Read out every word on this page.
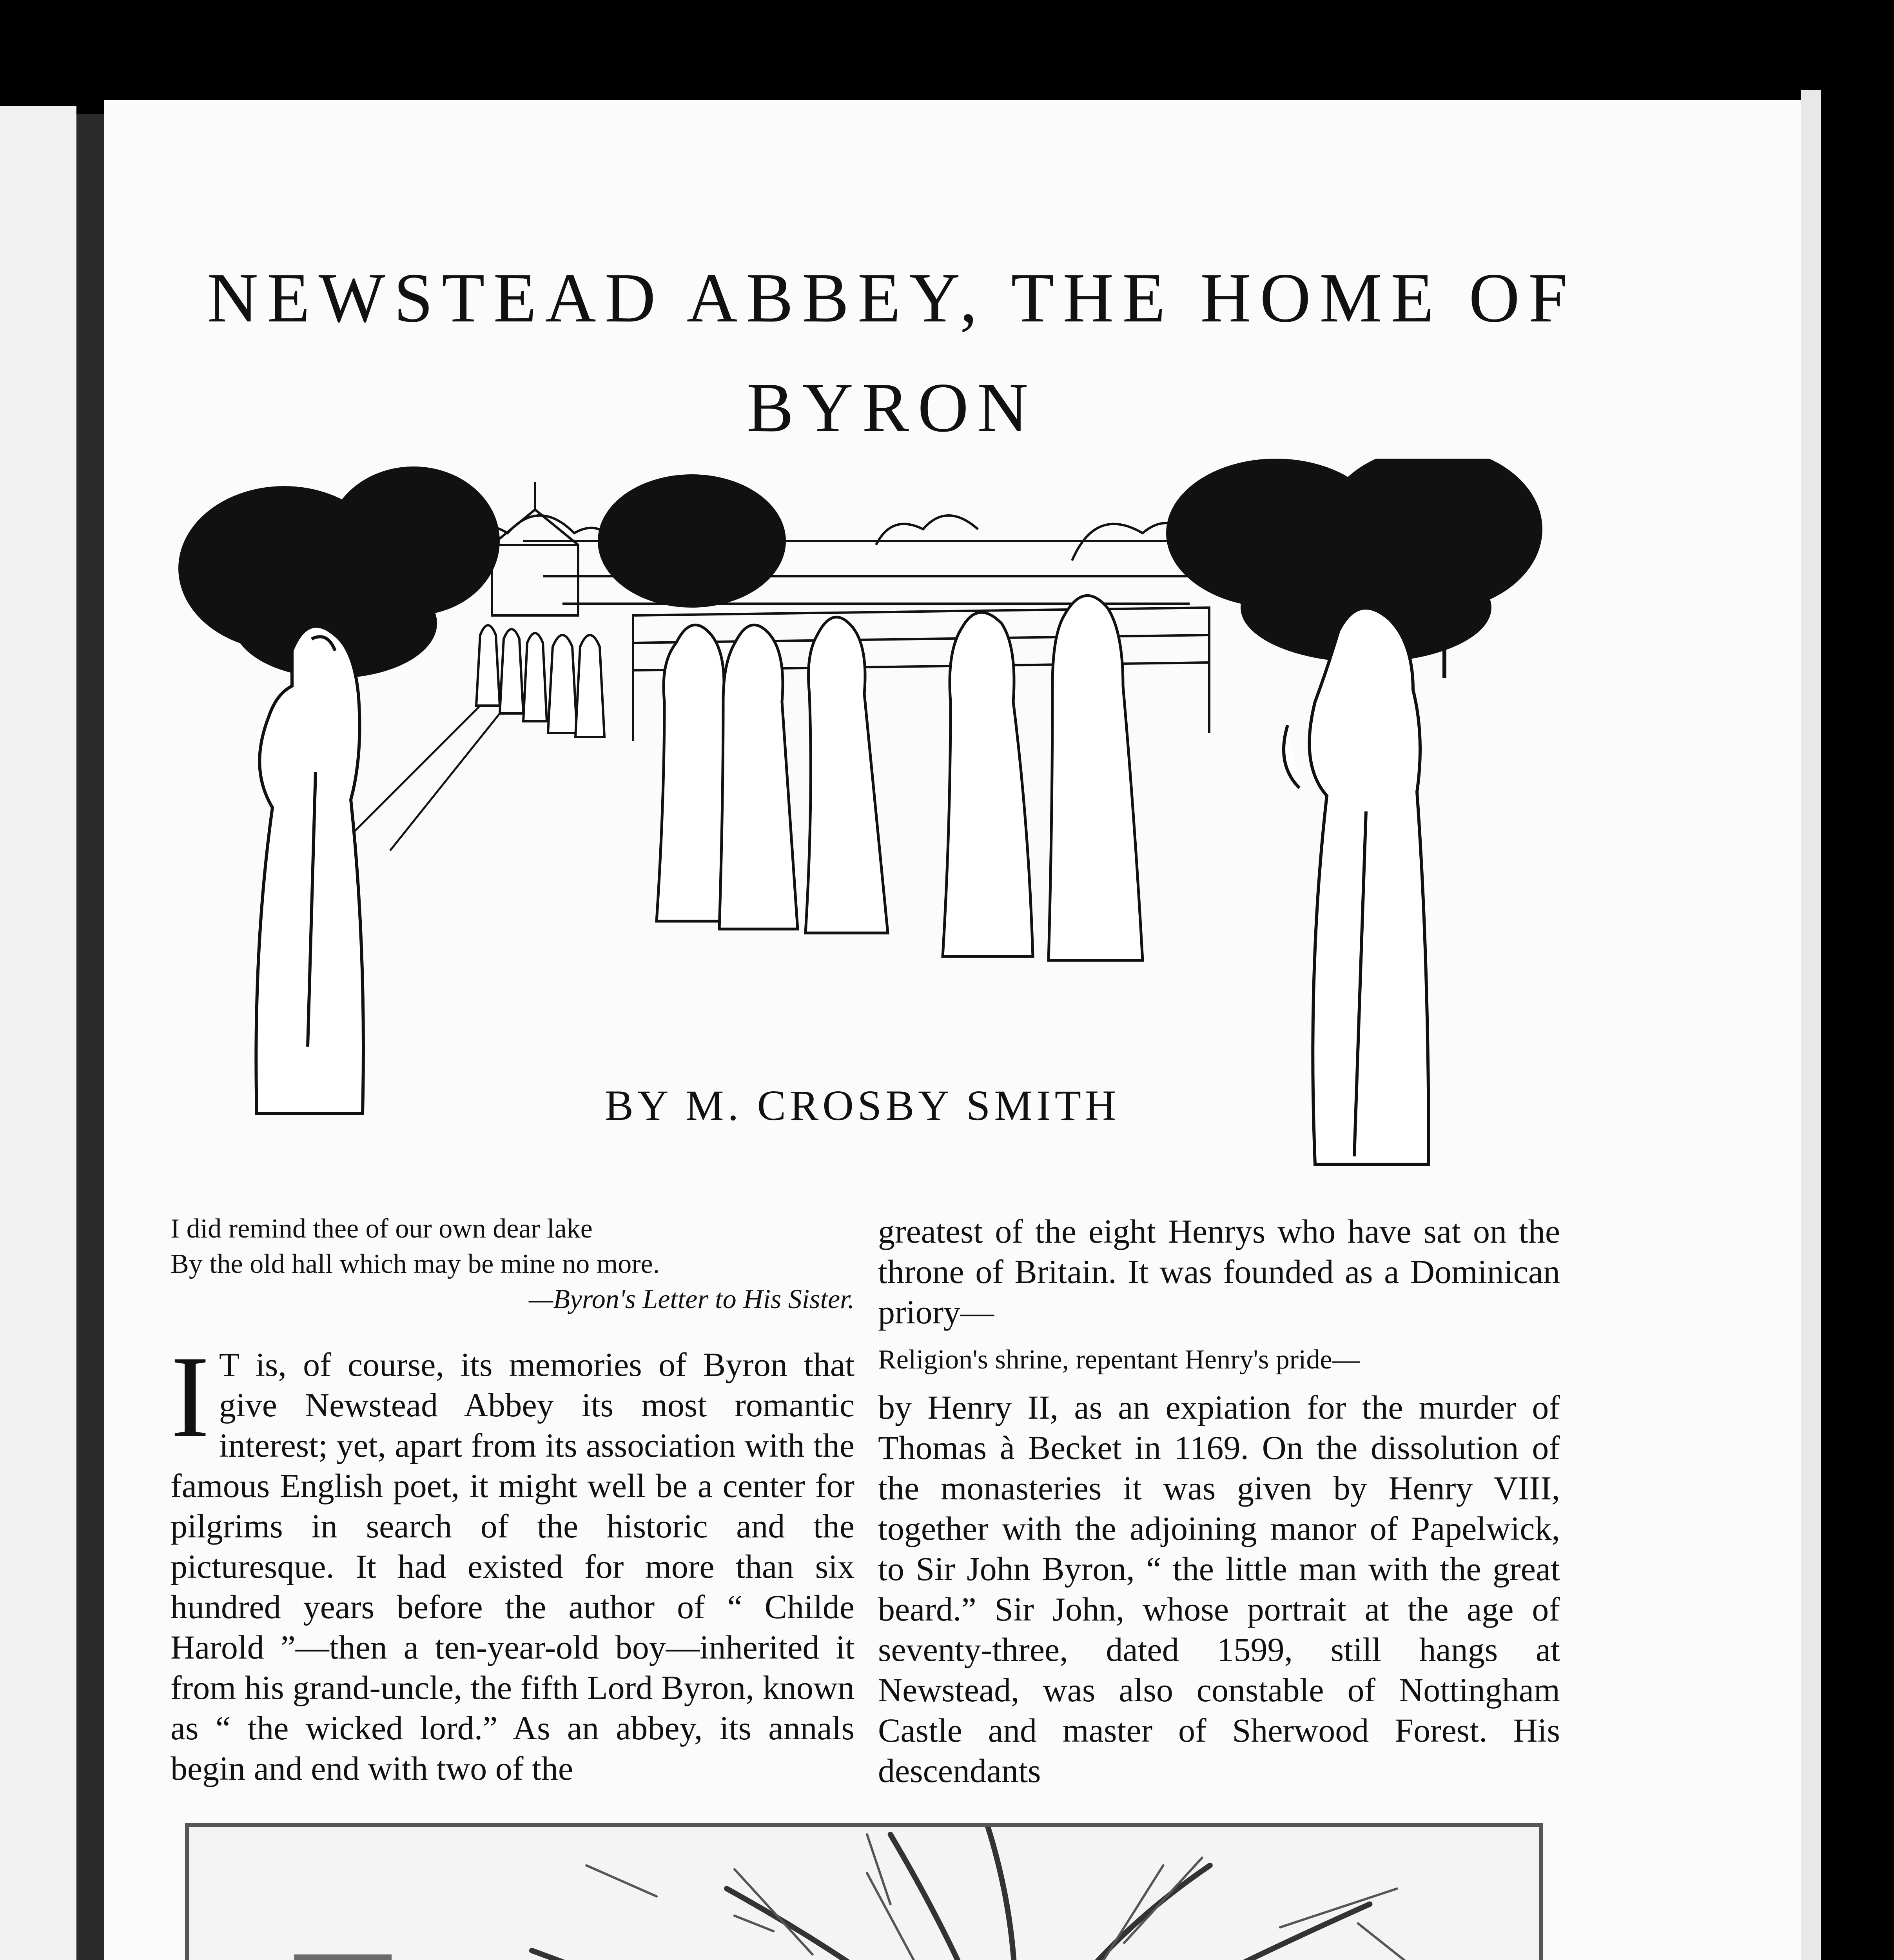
NEWSTEAD ABBEY, THE HOME OF BYRON
BY M. CROSBY SMITH
I did remind thee of our own dear lake
By the old hall which may be mine no more.
—Byron's Letter to His Sister.

I T is, of course, its memories of Byron that give Newstead Abbey its most romantic interest; yet, apart from its association with the famous English poet, it might well be a center for pilgrims in search of the historic and the picturesque. It had existed for more than six hundred years before the author of “ Childe Harold ”—then a ten-year-old boy—inherited it from his grand-uncle, the fifth Lord Byron, known as “ the wicked lord.” As an abbey, its annals begin and end with two of the

greatest of the eight Henrys who have sat on the throne of Britain. It was founded as a Dominican priory—

Religion's shrine, repentant Henry's pride—

by Henry II, as an expiation for the murder of Thomas à Becket in 1169. On the dissolution of the monasteries it was given by Henry VIII, together with the adjoining manor of Papelwick, to Sir John Byron, “ the little man with the great beard.” Sir John, whose portrait at the age of seventy-three, dated 1599, still hangs at Newstead, was also constable of Nottingham Castle and master of Sherwood Forest. His descendants
